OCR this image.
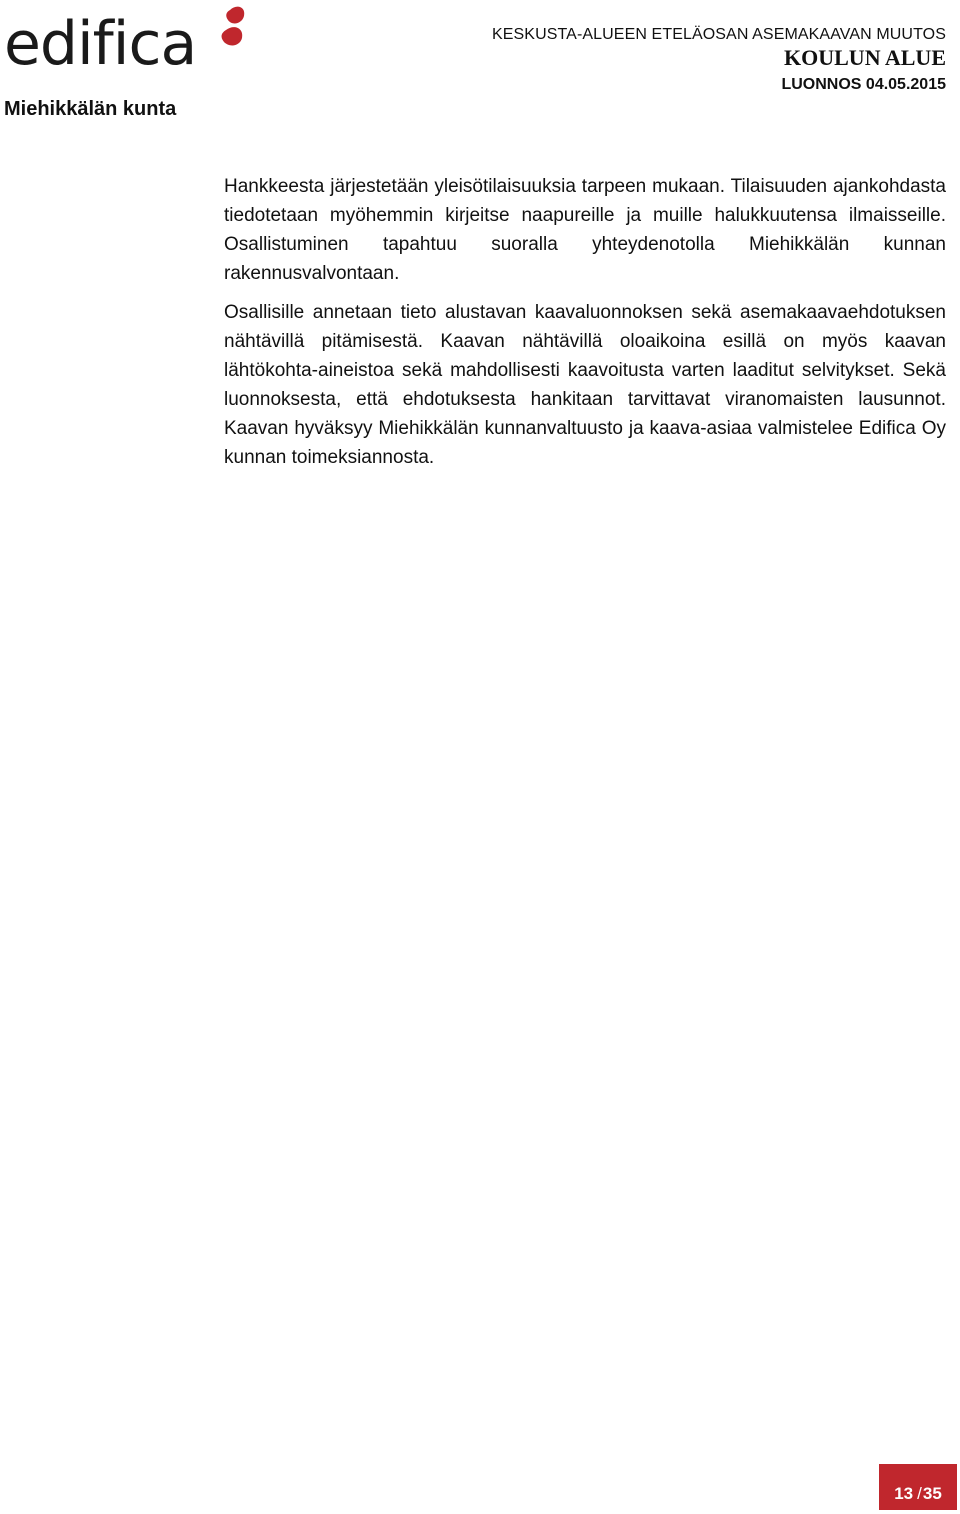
edifica
Miehikkälän kunta
KESKUSTA-ALUEEN ETELÄOSAN ASEMAKAAVAN MUUTOS
KOULUN ALUE
LUONNOS 04.05.2015

Hankkeesta järjestetään yleisötilaisuuksia tarpeen mukaan. Tilaisuuden ajankohdasta tiedotetaan myöhemmin kirjeitse naapureille ja muille halukkuutensa ilmaisseille. Osallistuminen tapahtuu suoralla yhteydenotolla Miehikkälän kunnan rakennusvalvontaan.

Osallisille annetaan tieto alustavan kaavaluonnoksen sekä asemakaavaehdotuksen nähtävillä pitämisestä. Kaavan nähtävillä oloaikoina esillä on myös kaavan lähtökohta-aineistoa sekä mahdollisesti kaavoitusta varten laaditut selvitykset. Sekä luonnoksesta, että ehdotuksesta hankitaan tarvittavat viranomaisten lausunnot. Kaavan hyväksyy Miehikkälän kunnanvaltuusto ja kaava-asiaa valmistelee Edifica Oy kunnan toimeksiannosta.

13 / 35
